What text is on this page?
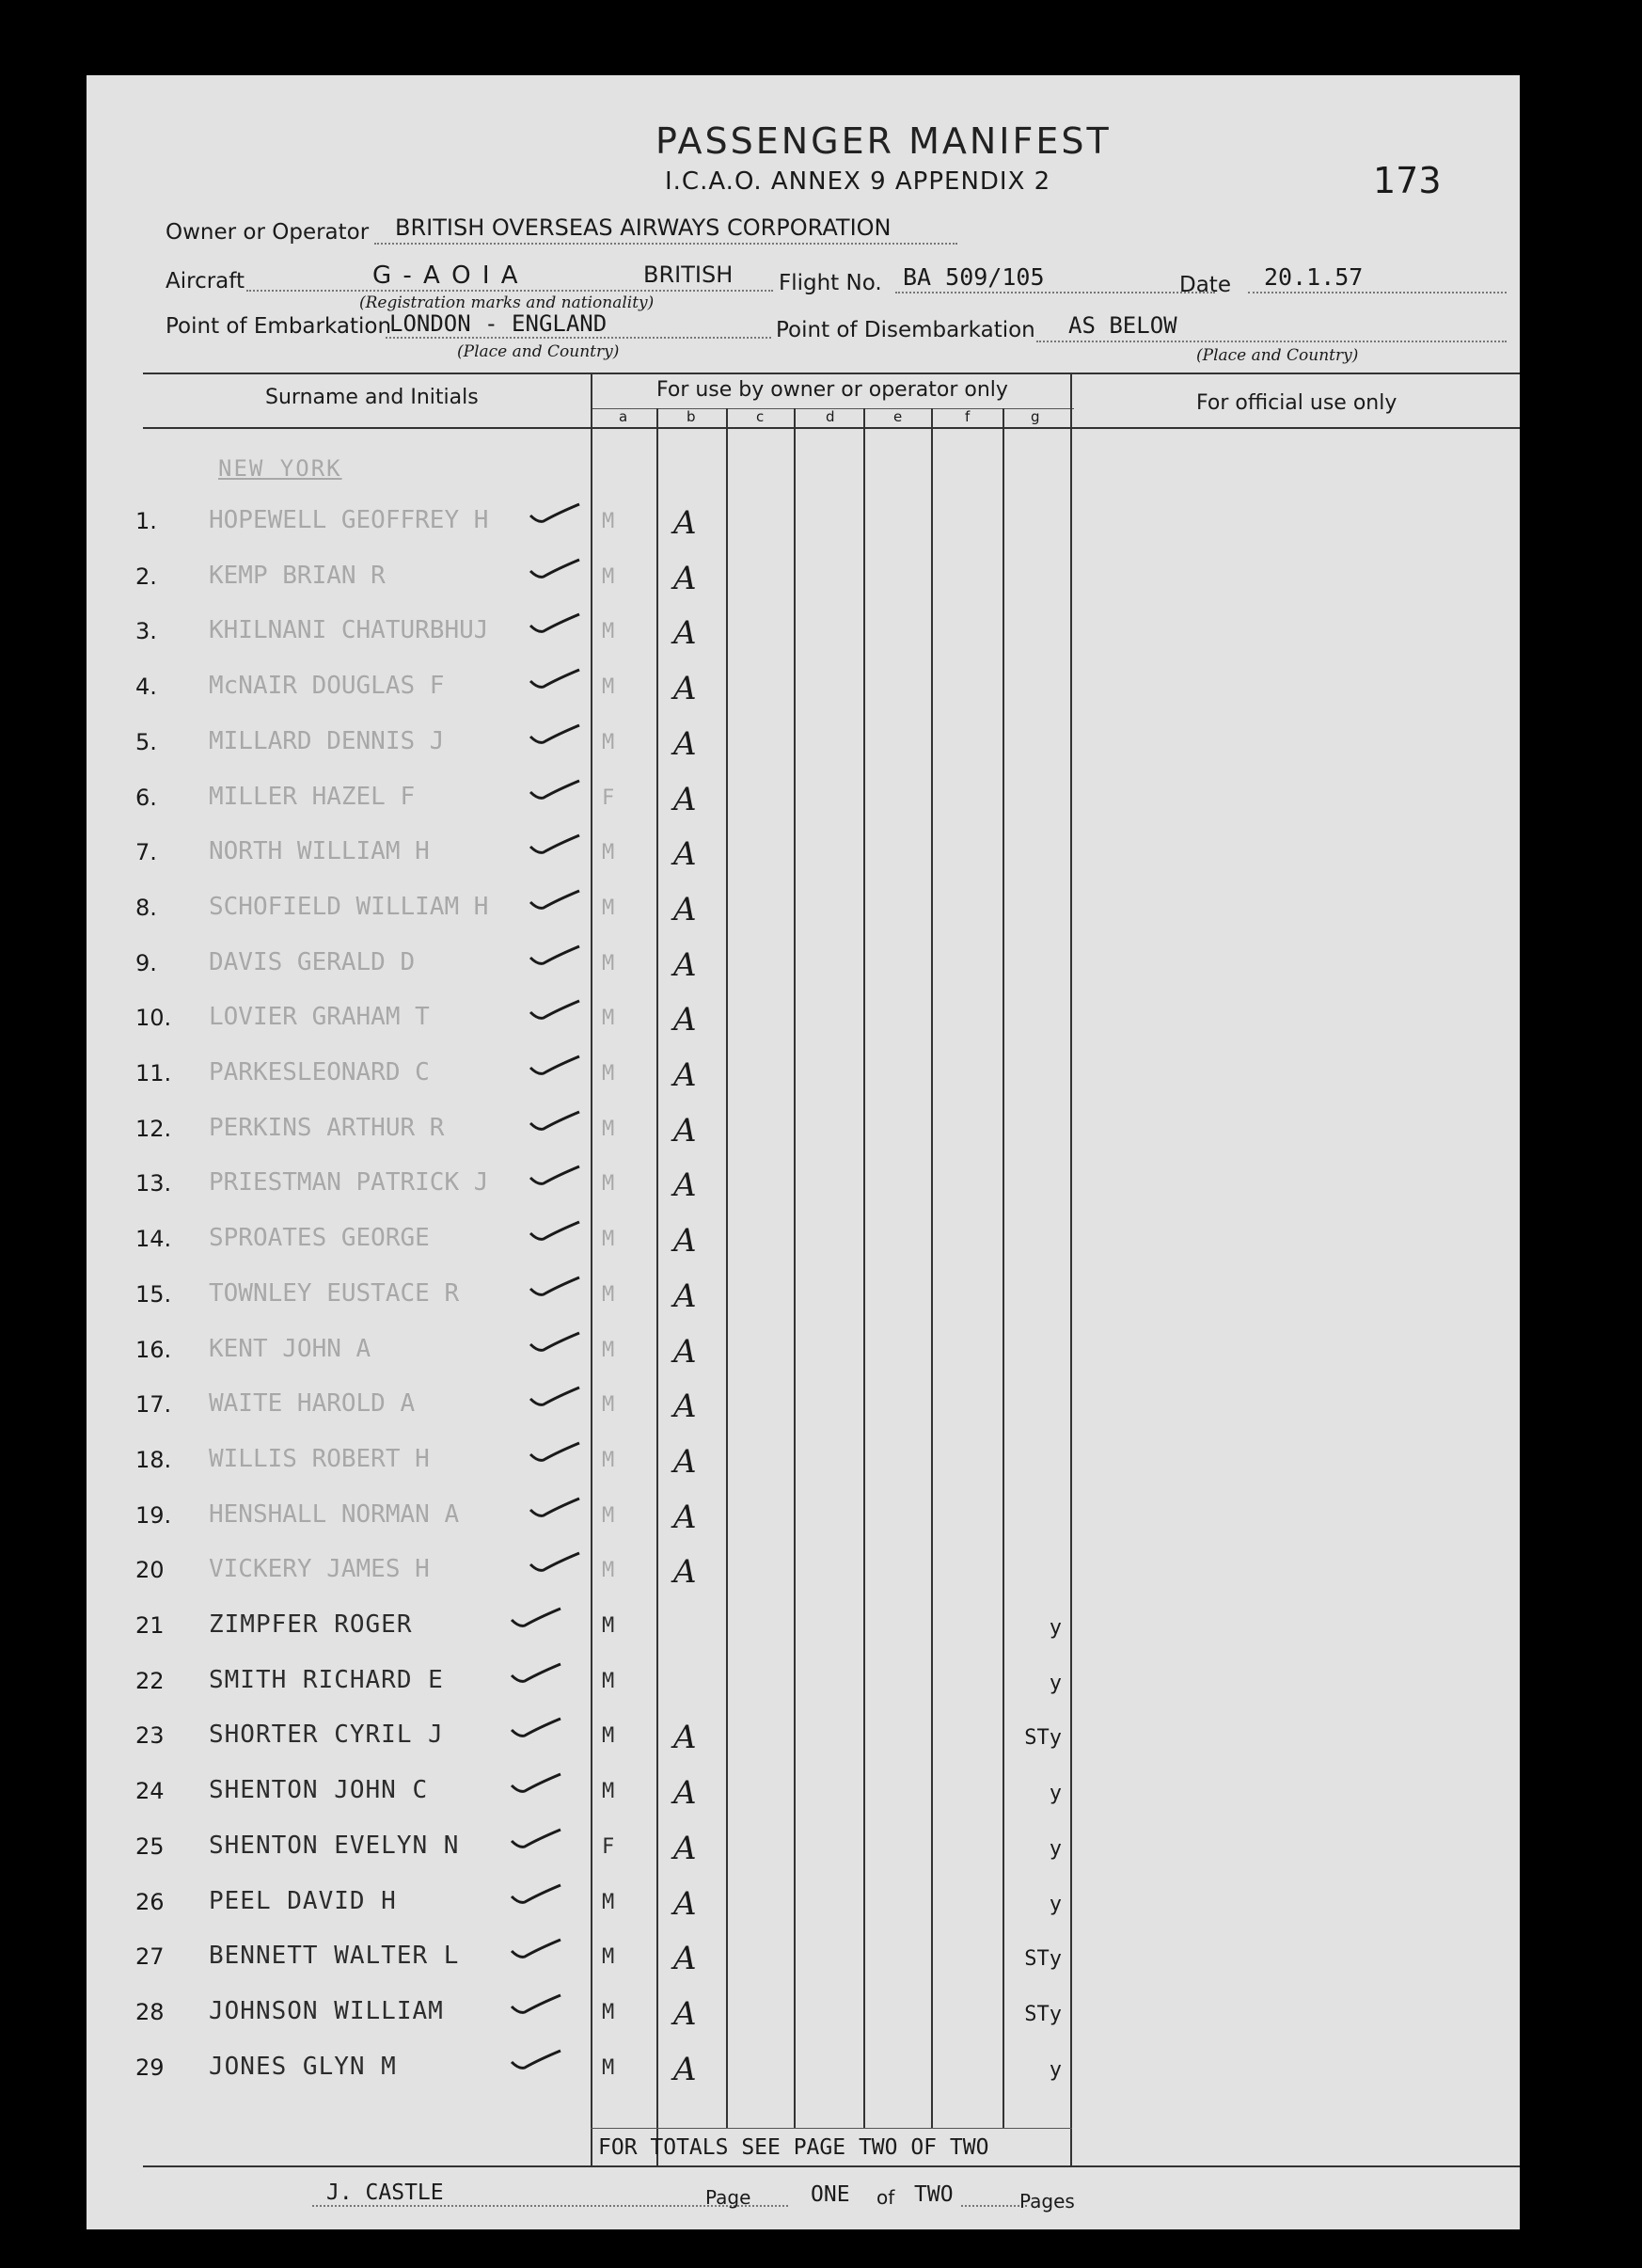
PASSENGER MANIFEST
I.C.A.O. ANNEX 9 APPENDIX 2	173
Owner or Operator BRITISH OVERSEAS AIRWAYS CORPORATION
Aircraft	G - A O I A	BRITISH
(Registration marks and nationality)
Flight No. BA 509/105	Date 20.1.57
Point of Embarkation
LONDON - ENGLAND
(Place and Country)
Point of Disembarkation AS BELOW
(Place and Country)
Surname and Initials	For use by owner or operator only
For official use only
a	b	c	d	e	f	g
NEW YORK
1. HOPEWELL GEOFFREY H	M A
2. KEMP BRIAN R	M A
3. KHILNANI CHATURBHUJ	M A
4. McNAIR DOUGLAS F	M A
5. MILLARD DENNIS J	M A
6. MILLER HAZEL F	F A
7. NORTH WILLIAM H	M A
8. SCHOFIELD WILLIAM H	M A
9. DAVIS GERALD D	M A
10. LOVIER GRAHAM T	M A
11. PARKESLEONARD C	M A
12. PERKINS ARTHUR R	M A
13. PRIESTMAN PATRICK J	M A
14. SPROATES GEORGE	M A
15. TOWNLEY EUSTACE R	M A
16. KENT JOHN A	M A
17. WAITE HAROLD A	M A
18. WILLIS ROBERT H	M A
19. HENSHALL NORMAN A	M A
20 VICKERY JAMES H	M A
21 ZIMPFER ROGER	M	y
22 SMITH RICHARD E	M	y
23 SHORTER CYRIL J	M A	STy
24 SHENTON JOHN C	M A	y
25 SHENTON EVELYN N	F A	y
26 PEEL DAVID H	M A	y
27 BENNETT WALTER L	M A	STy
28 JOHNSON WILLIAM	M A	STy
29 JONES GLYN M	M A	y
FOR TOTALS SEE PAGE TWO OF TWO
J. CASTLE	Page	ONE of TWO	Pages
